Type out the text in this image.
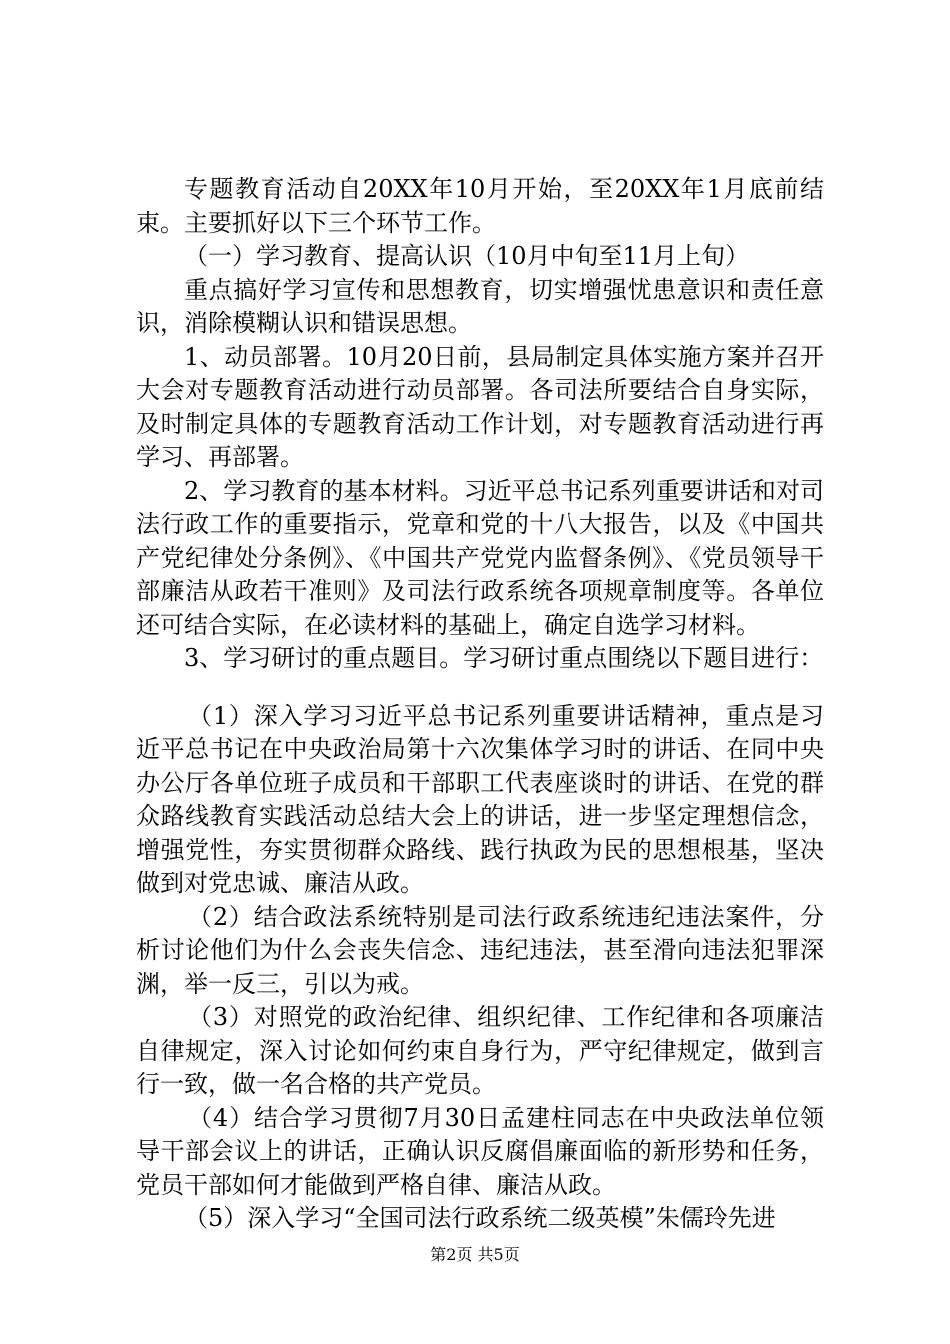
专题教育活动自20XX年10月开始，至20XX年1月底前结束。主要抓好以下三个环节工作。

（一）学习教育、提高认识（10月中旬至11月上旬）

重点搞好学习宣传和思想教育，切实增强忧患意识和责任意识，消除模糊认识和错误思想。

1、动员部署。10月20日前，县局制定具体实施方案并召开大会对专题教育活动进行动员部署。各司法所要结合自身实际，及时制定具体的专题教育活动工作计划，对专题教育活动进行再学习、再部署。

2、学习教育的基本材料。习近平总书记系列重要讲话和对司法行政工作的重要指示，党章和党的十八大报告，以及《中国共产党纪律处分条例》、《中国共产党党内监督条例》、《党员领导干部廉洁从政若干准则》及司法行政系统各项规章制度等。各单位还可结合实际，在必读材料的基础上，确定自选学习材料。

3、学习研讨的重点题目。学习研讨重点围绕以下题目进行：

（1）深入学习习近平总书记系列重要讲话精神，重点是习近平总书记在中央政治局第十六次集体学习时的讲话、在同中央办公厅各单位班子成员和干部职工代表座谈时的讲话、在党的群众路线教育实践活动总结大会上的讲话，进一步坚定理想信念，增强党性，夯实贯彻群众路线、践行执政为民的思想根基，坚决做到对党忠诚、廉洁从政。

（2）结合政法系统特别是司法行政系统违纪违法案件，分析讨论他们为什么会丧失信念、违纪违法，甚至滑向违法犯罪深渊，举一反三，引以为戒。

（3）对照党的政治纪律、组织纪律、工作纪律和各项廉洁自律规定，深入讨论如何约束自身行为，严守纪律规定，做到言行一致，做一名合格的共产党员。

（4）结合学习贯彻7月30日孟建柱同志在中央政法单位领导干部会议上的讲话，正确认识反腐倡廉面临的新形势和任务，党员干部如何才能做到严格自律、廉洁从政。

（5）深入学习“全国司法行政系统二级英模”朱儒玲先进

第2页 共5页
